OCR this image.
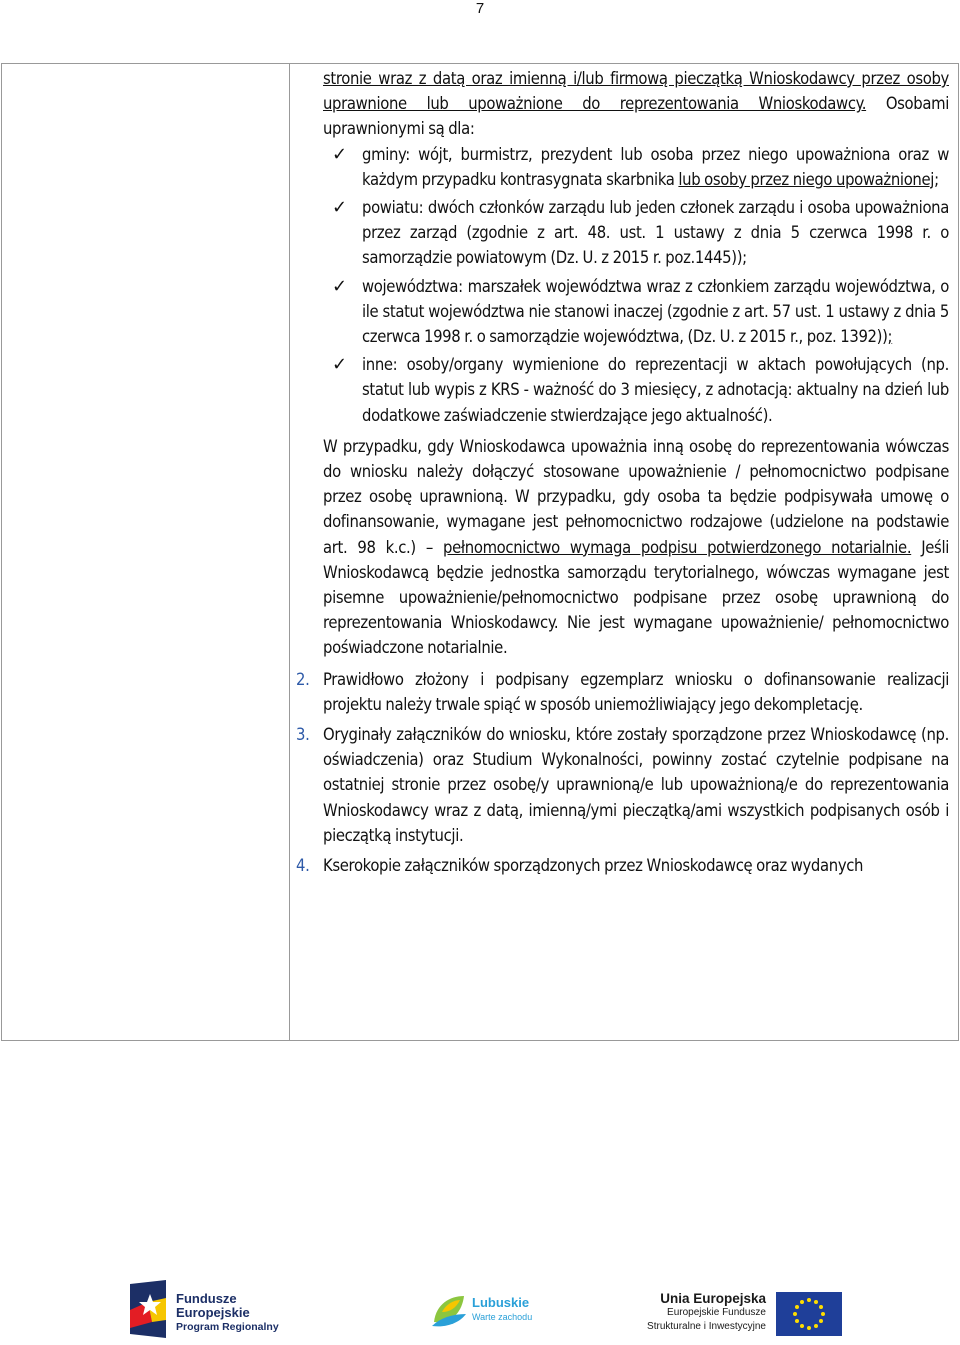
7

stronie wraz z datą oraz imienną i/lub firmową pieczątką Wnioskodawcy przez osoby uprawnione lub upoważnione do reprezentowania Wnioskodawcy. Osobami uprawnionymi są dla:

✓ gminy: wójt, burmistrz, prezydent lub osoba przez niego upoważniona oraz w każdym przypadku kontrasygnata skarbnika lub osoby przez niego upoważnionej;
✓ powiatu: dwóch członków zarządu lub jeden członek zarządu i osoba upoważniona przez zarząd (zgodnie z art. 48. ust. 1 ustawy z dnia 5 czerwca 1998 r. o samorządzie powiatowym (Dz. U. z 2015 r. poz.1445));
✓ województwa: marszałek województwa wraz z członkiem zarządu województwa, o ile statut województwa nie stanowi inaczej (zgodnie z art. 57 ust. 1 ustawy z dnia 5 czerwca 1998 r. o samorządzie województwa, (Dz. U. z 2015 r., poz. 1392));
✓ inne: osoby/organy wymienione do reprezentacji w aktach powołujących (np. statut lub wypis z KRS - ważność do 3 miesięcy, z adnotacją: aktualny na dzień lub dodatkowe zaświadczenie stwierdzające jego aktualność).

W przypadku, gdy Wnioskodawca upoważnia inną osobę do reprezentowania wówczas do wniosku należy dołączyć stosowane upoważnienie / pełnomocnictwo podpisane przez osobę uprawnioną. W przypadku, gdy osoba ta będzie podpisywała umowę o dofinansowanie, wymagane jest pełnomocnictwo rodzajowe (udzielone na podstawie art. 98 k.c.) – pełnomocnictwo wymaga podpisu potwierdzonego notarialnie. Jeśli Wnioskodawcą będzie jednostka samorządu terytorialnego, wówczas wymagane jest pisemne upoważnienie/pełnomocnictwo podpisane przez osobę uprawnioną do reprezentowania Wnioskodawcy. Nie jest wymagane upoważnienie/ pełnomocnictwo poświadczone notarialnie.

2. Prawidłowo złożony i podpisany egzemplarz wniosku o dofinansowanie realizacji projektu należy trwale spiąć w sposób uniemożliwiający jego dekompletację.
3. Oryginały załączników do wniosku, które zostały sporządzone przez Wnioskodawcę (np. oświadczenia) oraz Studium Wykonalności, powinny zostać czytelnie podpisane na ostatniej stronie przez osobę/y uprawnioną/e lub upoważnioną/e do reprezentowania Wnioskodawcy wraz z datą, imienną/ymi pieczątką/ami wszystkich podpisanych osób i pieczątką instytucji.
4. Kserokopie załączników sporządzonych przez Wnioskodawcę oraz wydanych
Fundusze
Europejskie
Program Regionalny
Lubuskie
Warte zachodu
Unia Europejska
Europejskie Fundusze
Strukturalne i Inwestycyjne
